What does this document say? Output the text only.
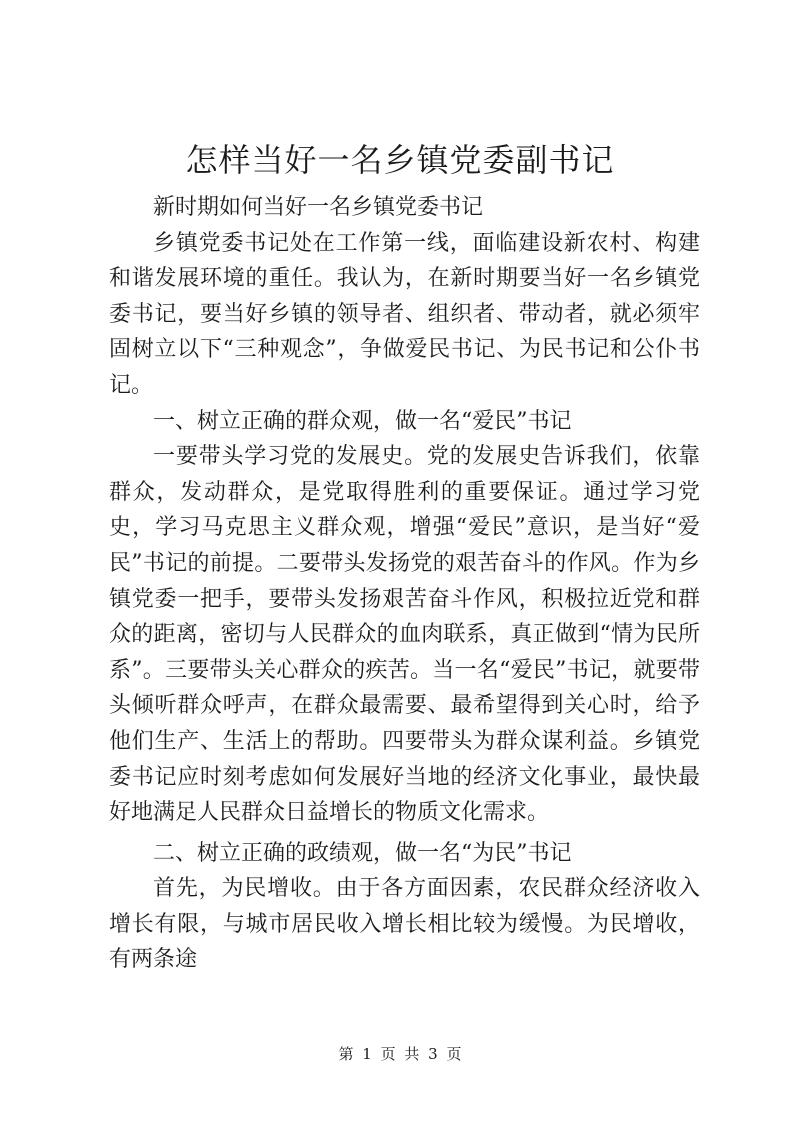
怎样当好一名乡镇党委副书记

新时期如何当好一名乡镇党委书记

乡镇党委书记处在工作第一线，面临建设新农村、构建和谐发展环境的重任。我认为，在新时期要当好一名乡镇党委书记，要当好乡镇的领导者、组织者、带动者，就必须牢固树立以下“三种观念”，争做爱民书记、为民书记和公仆书记。

一、树立正确的群众观，做一名“爱民”书记

一要带头学习党的发展史。党的发展史告诉我们，依靠群众，发动群众，是党取得胜利的重要保证。通过学习党史，学习马克思主义群众观，增强“爱民”意识，是当好“爱民”书记的前提。二要带头发扬党的艰苦奋斗的作风。作为乡镇党委一把手，要带头发扬艰苦奋斗作风，积极拉近党和群众的距离，密切与人民群众的血肉联系，真正做到“情为民所系”。三要带头关心群众的疾苦。当一名“爱民”书记，就要带头倾听群众呼声，在群众最需要、最希望得到关心时，给予他们生产、生活上的帮助。四要带头为群众谋利益。乡镇党委书记应时刻考虑如何发展好当地的经济文化事业，最快最好地满足人民群众日益增长的物质文化需求。

二、树立正确的政绩观，做一名“为民”书记

首先，为民增收。由于各方面因素，农民群众经济收入增长有限，与城市居民收入增长相比较为缓慢。为民增收，有两条途

第 1 页 共 3 页
